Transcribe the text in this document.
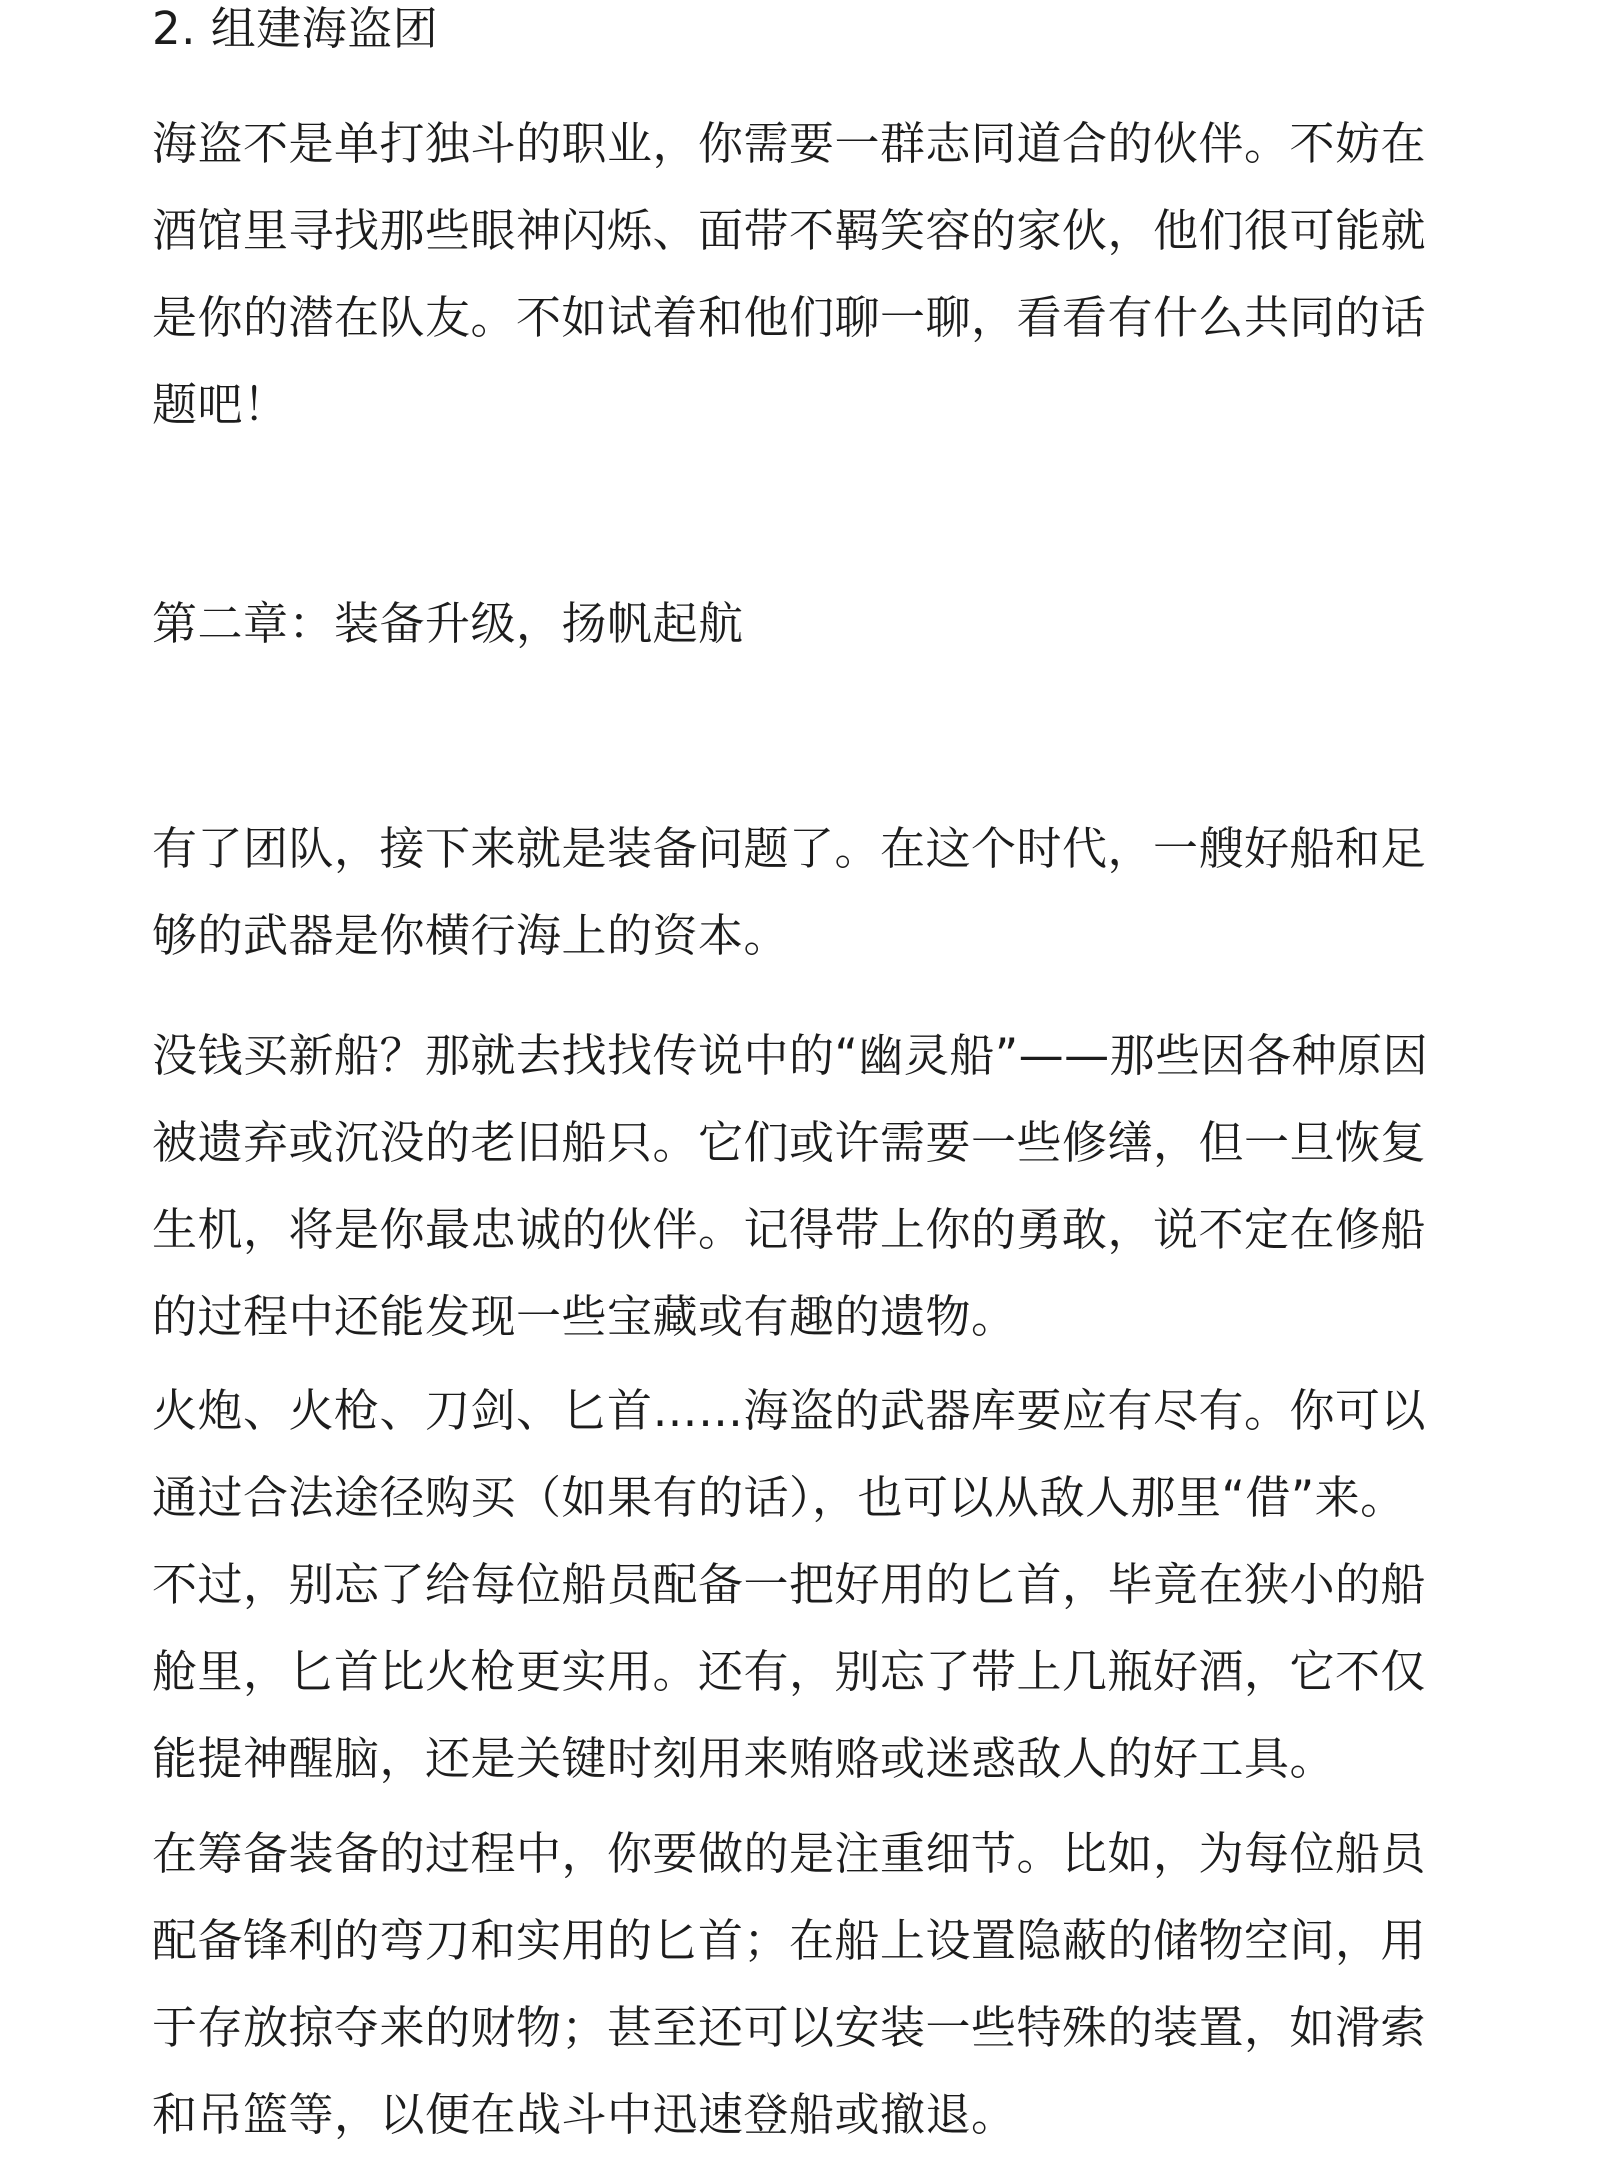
2. 组建海盗团

海盗不是单打独斗的职业，你需要一群志同道合的伙伴。不妨在
酒馆里寻找那些眼神闪烁、面带不羁笑容的家伙，他们很可能就
是你的潜在队友。不如试着和他们聊一聊，看看有什么共同的话
题吧！

第二章：装备升级，扬帆起航

有了团队，接下来就是装备问题了。在这个时代，一艘好船和足
够的武器是你横行海上的资本。

没钱买新船？那就去找找传说中的“幽灵船”——那些因各种原因
被遗弃或沉没的老旧船只。它们或许需要一些修缮，但一旦恢复
生机，将是你最忠诚的伙伴。记得带上你的勇敢，说不定在修船
的过程中还能发现一些宝藏或有趣的遗物。

火炮、火枪、刀剑、匕首……海盗的武器库要应有尽有。你可以
通过合法途径购买（如果有的话），也可以从敌人那里“借”来。
不过，别忘了给每位船员配备一把好用的匕首，毕竟在狭小的船
舱里，匕首比火枪更实用。还有，别忘了带上几瓶好酒，它不仅
能提神醒脑，还是关键时刻用来贿赂或迷惑敌人的好工具。

在筹备装备的过程中，你要做的是注重细节。比如，为每位船员
配备锋利的弯刀和实用的匕首；在船上设置隐蔽的储物空间，用
于存放掠夺来的财物；甚至还可以安装一些特殊的装置，如滑索
和吊篮等，以便在战斗中迅速登船或撤退。
